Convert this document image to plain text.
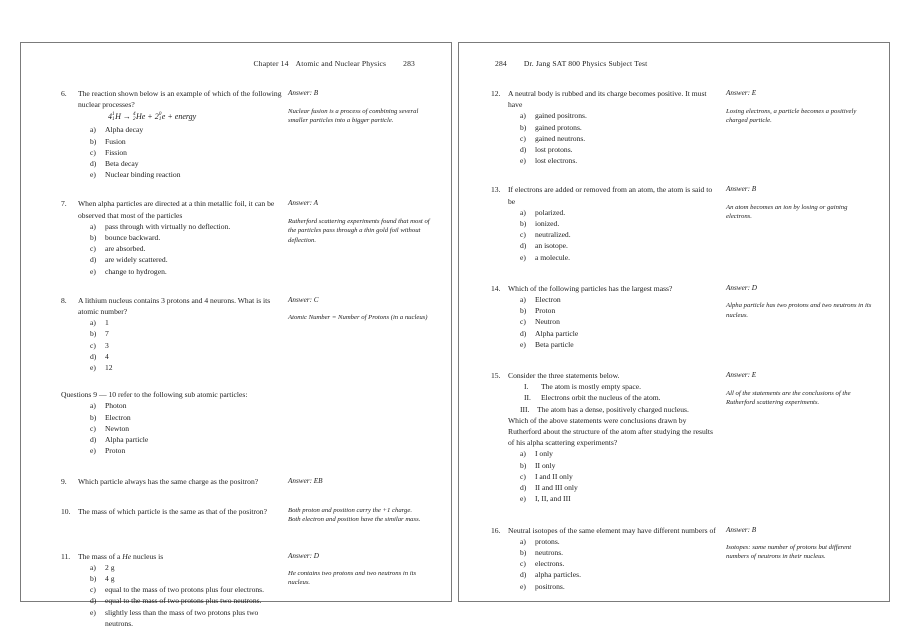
Chapter 14 Atomic and Nuclear Physics 283
6.	The reaction shown below is an example of which of the following nuclear processes?
4 1
1 H → 4
2 He + 2 0
1 e + energy
a)	Alpha decay
b)	Fusion
c)	Fission
d)	Beta decay
e)	Nuclear binding reaction
Answer: B

Nuclear fusion is a process of combining several smaller particles into a bigger particle.

7.	When alpha particles are directed at a thin metallic foil, it can be observed that most of the particles
a)	pass through with virtually no deflection.
b)	bounce backward.
c)	are absorbed.
d)	are widely scattered.
e)	change to hydrogen.
Answer: A

Rutherford scattering experiments found that most of the particles pass through a thin gold foil without deflection.

8.	A lithium nucleus contains 3 protons and 4 neurons. What is its atomic number?
a)	1
b)	7
c)	3
d)	4
e)	12
Answer: C

Atomic Number = Number of Protons (in a nucleus)

Questions 9 — 10 refer to the following sub atomic particles:
a)	Photon
b)	Electron
c)	Newton
d)	Alpha particle
e)	Proton
9.	Which particle always has the same charge as the positron?	Answer: EB
10. The mass of which particle is the same as that of the positron?	Both proton and position carry the +1 charge.

Both electron and position have the similar mass.

11.	The mass of a He nucleus is
a)	2 g
b)	4 g
c)	equal to the mass of two protons plus four electrons.
d)	equal to the mass of two protons plus two neutrons.
e)	slightly less than the mass of two protons plus two neutrons.
Answer: D

He contains two protons and two neutrons in its nucleus.

284 Dr. Jang SAT 800 Physics Subject Test
12. A neutral body is rubbed and its charge becomes positive. It must have
a)	gained positrons.
b)	gained protons.
c)	gained neutrons.
d)	lost protons.
e)	lost electrons.
Answer: E

Losing electrons, a particle becomes a positively charged particle.

13. If electrons are added or removed from an atom, the atom is said to be
a)	polarized.
b)	ionized.
c)	neutralized.
d)	an isotope.
e)	a molecule.
Answer: B

An atom becomes an ion by losing or gaining electrons.

14. Which of the following particles has the largest mass?
a)	Electron
b)	Proton
c)	Neutron
d)	Alpha particle
e)	Beta particle
Answer: D

Alpha particle has two protons and two neutrons in its nucleus.

15. Consider the three statements below.
I.	The atom is mostly empty space.
II.	Electrons orbit the nucleus of the atom.
III. The atom has a dense, positively charged nucleus.
Which of the above statements were conclusions drawn by Rutherford about the structure of the atom after studying the results of his alpha scattering experiments?
a)	I only
b)	II only
c)	I and II only
d)	II and III only
e)	I, II, and III
Answer: E

All of the statements are the conclusions of the Rutherford scattering experiments.

16. Neutral isotopes of the same element may have different numbers of
a)	protons.
b)	neutrons.
c)	electrons.
d)	alpha particles.
e)	positrons.
Answer: B

Isotopes: same number of protons but different numbers of neutrons in their nucleus.
